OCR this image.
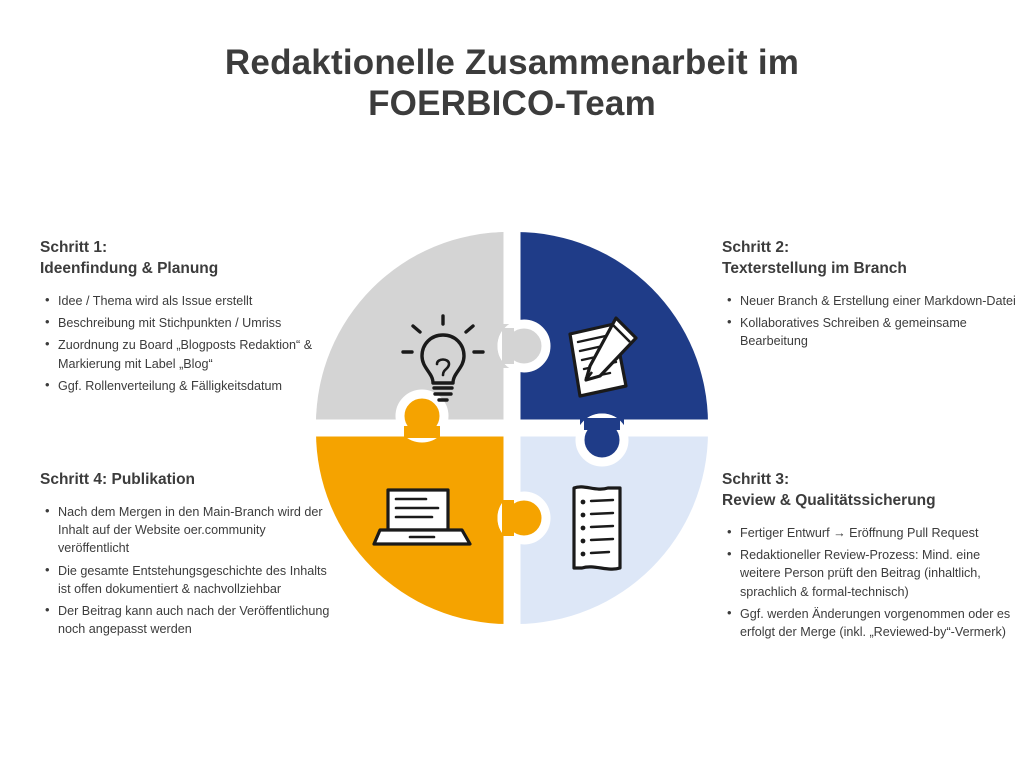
Redaktionelle Zusammenarbeit im
FOERBICO-Team
Schritt 1:
Ideenfindung & Planung
• Idee / Thema wird als Issue erstellt
• Beschreibung mit Stichpunkten / Umriss
• Zuordnung zu Board „Blogposts Redaktion“ & Markierung mit Label „Blog“
• Ggf. Rollenverteilung & Fälligkeitsdatum
Schritt 2:
Texterstellung im Branch
• Neuer Branch & Erstellung einer Markdown-Datei
• Kollaboratives Schreiben & gemeinsame Bearbeitung
Schritt 3:
Review & Qualitätssicherung
• Fertiger Entwurf → Eröffnung Pull Request
• Redaktioneller Review-Prozess: Mind. eine weitere Person prüft den Beitrag (inhaltlich, sprachlich & formal-technisch)
• Ggf. werden Änderungen vorgenommen oder es erfolgt der Merge (inkl. „Reviewed-by“-Vermerk)
Schritt 4: Publikation
• Nach dem Mergen in den Main-Branch wird der Inhalt auf der Website oer.community veröffentlicht
• Die gesamte Entstehungsgeschichte des Inhalts ist offen dokumentiert & nachvollziehbar
• Der Beitrag kann auch nach der Veröffentlichung noch angepasst werden
